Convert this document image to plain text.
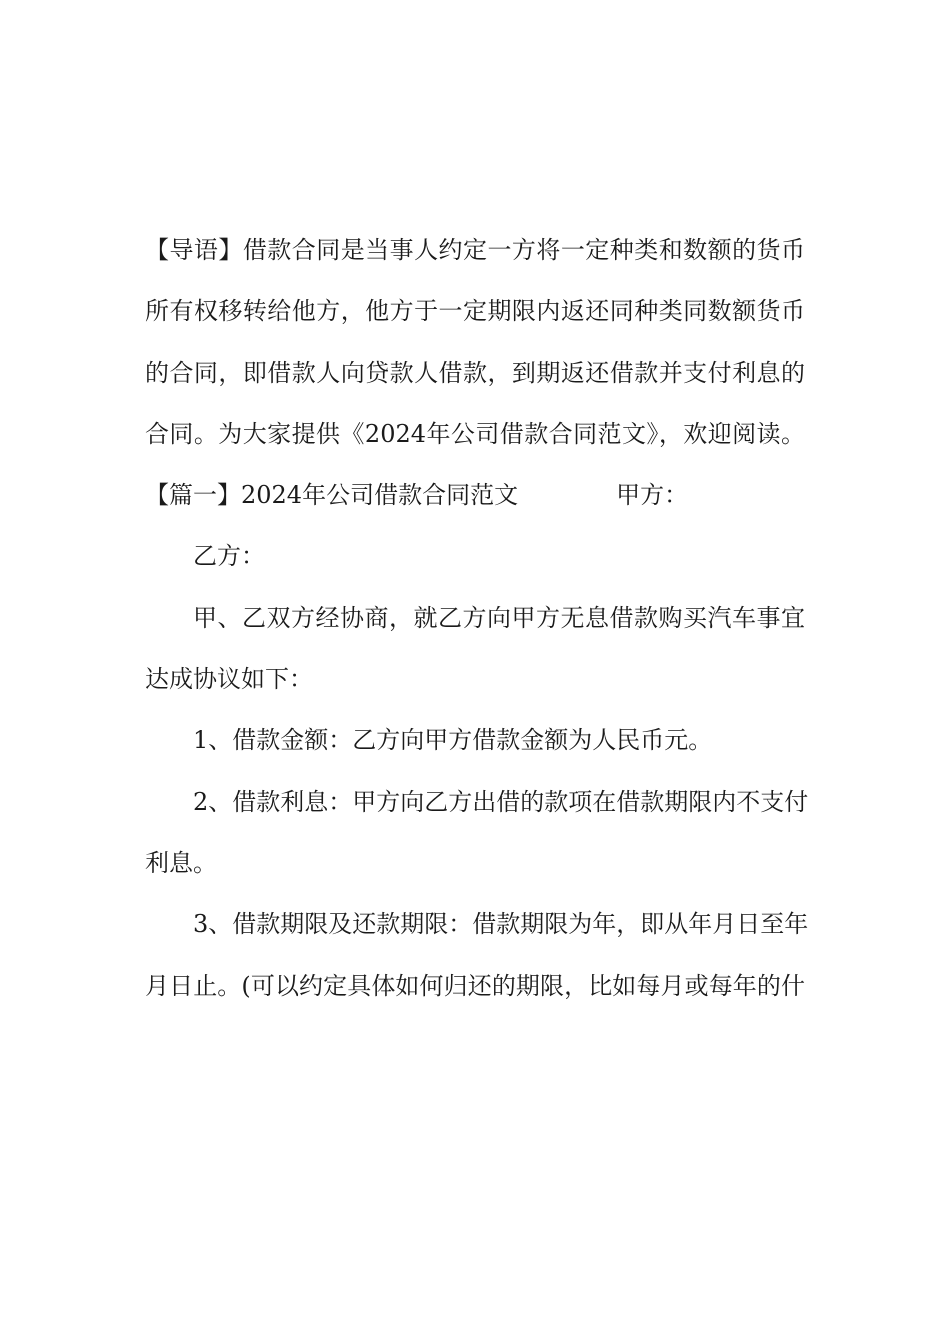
【导语】借款合同是当事人约定一方将一定种类和数额的货币
所有权移转给他方，他方于一定期限内返还同种类同数额货币
的合同，即借款人向贷款人借款，到期返还借款并支付利息的
合同。为大家提供《2024年公司借款合同范文》，欢迎阅读。
【篇一】2024年公司借款合同范文	甲方：
乙方：
甲、乙双方经协商，就乙方向甲方无息借款购买汽车事宜
达成协议如下：
1、借款金额：乙方向甲方借款金额为人民币元。
2、借款利息：甲方向乙方出借的款项在借款期限内不支付
利息。
3、借款期限及还款期限：借款期限为年，即从年月日至年
月日止。(可以约定具体如何归还的期限，比如每月或每年的什
